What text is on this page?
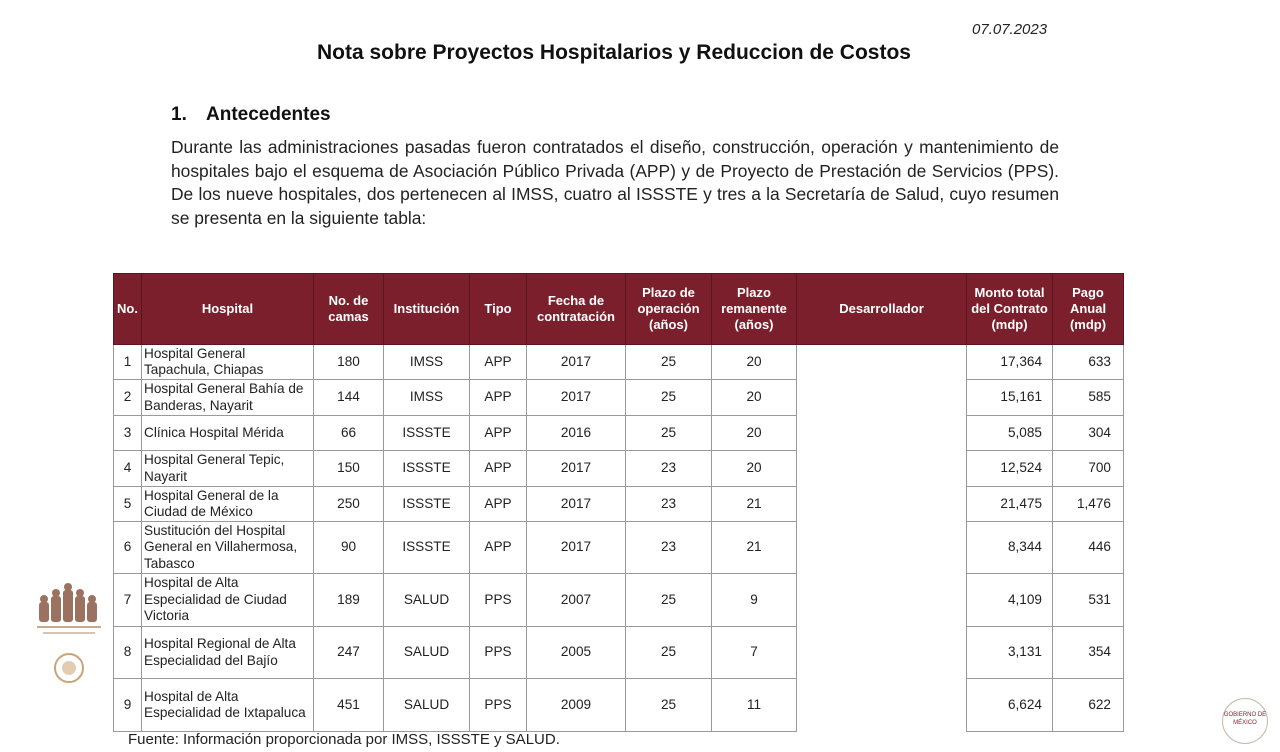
07.07.2023
Nota sobre Proyectos Hospitalarios y Reduccion de Costos
1. Antecedentes
Durante las administraciones pasadas fueron contratados el diseño, construcción, operación y mantenimiento de hospitales bajo el esquema de Asociación Público Privada (APP) y de Proyecto de Prestación de Servicios (PPS). De los nueve hospitales, dos pertenecen al IMSS, cuatro al ISSSTE y tres a la Secretaría de Salud, cuyo resumen se presenta en la siguiente tabla:
No.	Hospital	No. de camas	Institución	Tipo	Fecha de contratación	Plazo de operación (años)	Plazo remanente (años)	Desarrollador	Monto total del Contrato (mdp)	Pago Anual (mdp)
1	Hospital General Tapachula, Chiapas	180	IMSS	APP	2017	25	20		17,364	633
2	Hospital General Bahía de Banderas, Nayarit	144	IMSS	APP	2017	25	20		15,161	585
3	Clínica Hospital Mérida	66	ISSSTE	APP	2016	25	20		5,085	304
4	Hospital General Tepic, Nayarit	150	ISSSTE	APP	2017	23	20		12,524	700
5	Hospital General de la Ciudad de México	250	ISSSTE	APP	2017	23	21		21,475	1,476
6	Sustitución del Hospital General en Villahermosa, Tabasco	90	ISSSTE	APP	2017	23	21		8,344	446
7	Hospital de Alta Especialidad de Ciudad Victoria	189	SALUD	PPS	2007	25	9		4,109	531
8	Hospital Regional de Alta Especialidad del Bajío	247	SALUD	PPS	2005	25	7		3,131	354
9	Hospital de Alta Especialidad de Ixtapaluca	451	SALUD	PPS	2009	25	11		6,624	622
Fuente: Información proporcionada por IMSS, ISSSTE y SALUD.
GOBIERNO DE MÉXICO
